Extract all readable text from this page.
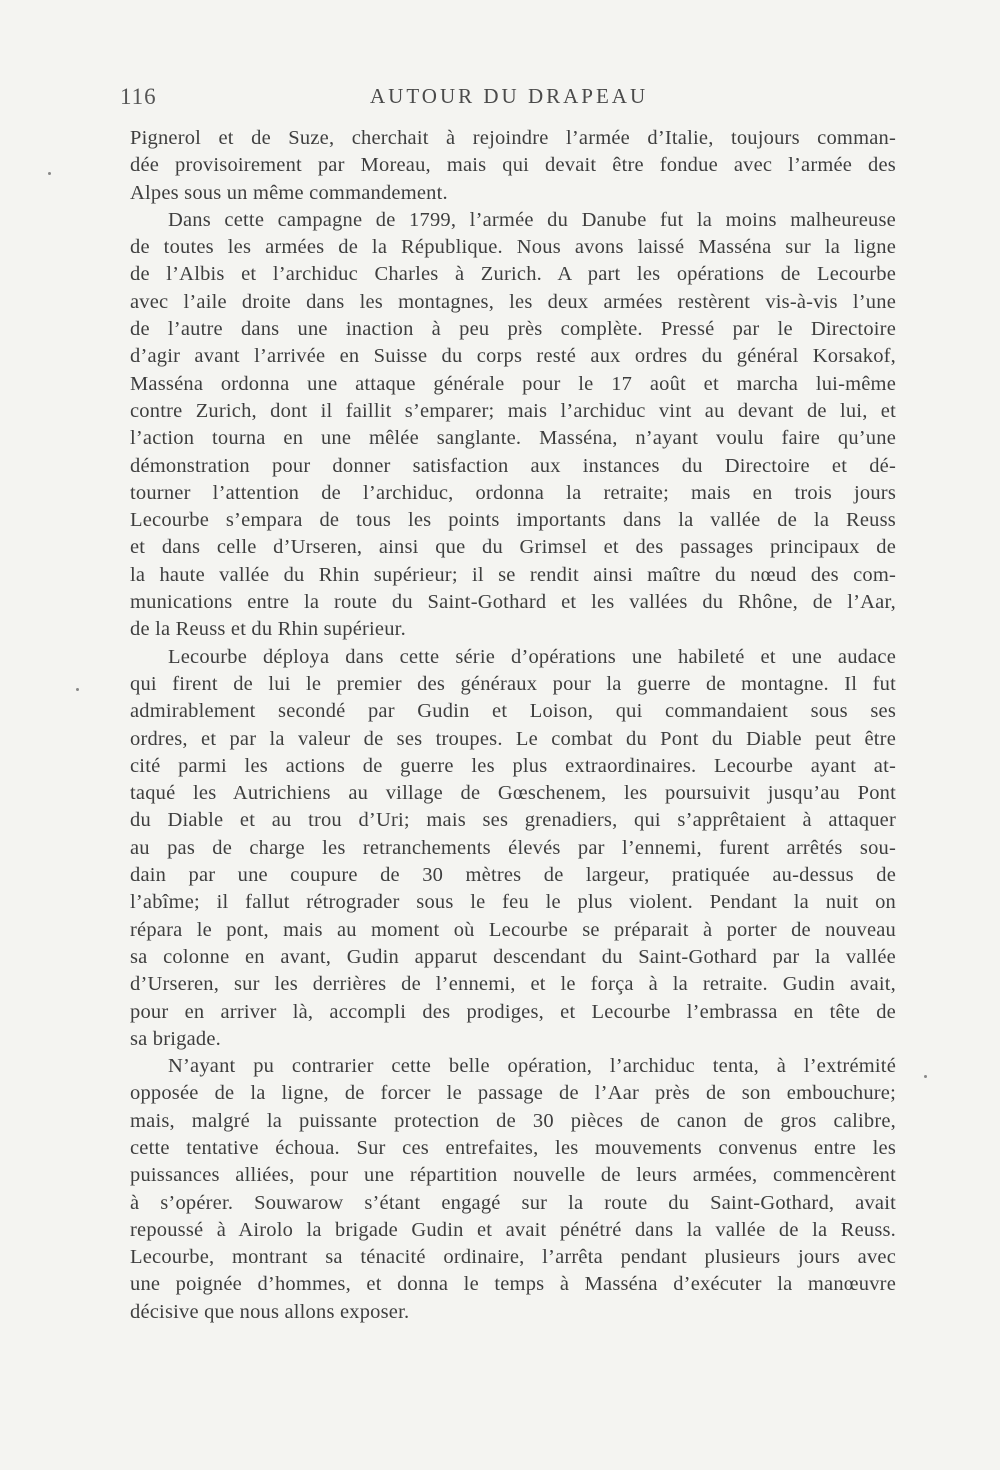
116	AUTOUR DU DRAPEAU
Pignerol et de Suze, cherchait à rejoindre l’armée d’Italie, toujours comman-
dée provisoirement par Moreau, mais qui devait être fondue avec l’armée des
Alpes sous un même commandement.
Dans cette campagne de 1799, l’armée du Danube fut la moins malheureuse
de toutes les armées de la République. Nous avons laissé Masséna sur la ligne
de l’Albis et l’archiduc Charles à Zurich. A part les opérations de Lecourbe
avec l’aile droite dans les montagnes, les deux armées restèrent vis-à-vis l’une
de l’autre dans une inaction à peu près complète. Pressé par le Directoire
d’agir avant l’arrivée en Suisse du corps resté aux ordres du général Korsakof,
Masséna ordonna une attaque générale pour le 17 août et marcha lui-même
contre Zurich, dont il faillit s’emparer; mais l’archiduc vint au devant de lui, et
l’action tourna en une mêlée sanglante. Masséna, n’ayant voulu faire qu’une
démonstration pour donner satisfaction aux instances du Directoire et dé-
tourner l’attention de l’archiduc, ordonna la retraite; mais en trois jours
Lecourbe s’empara de tous les points importants dans la vallée de la Reuss
et dans celle d’Urseren, ainsi que du Grimsel et des passages principaux de
la haute vallée du Rhin supérieur; il se rendit ainsi maître du nœud des com-
munications entre la route du Saint-Gothard et les vallées du Rhône, de l’Aar,
de la Reuss et du Rhin supérieur.
Lecourbe déploya dans cette série d’opérations une habileté et une audace
qui firent de lui le premier des généraux pour la guerre de montagne. Il fut
admirablement secondé par Gudin et Loison, qui commandaient sous ses
ordres, et par la valeur de ses troupes. Le combat du Pont du Diable peut être
cité parmi les actions de guerre les plus extraordinaires. Lecourbe ayant at-
taqué les Autrichiens au village de Gœschenem, les poursuivit jusqu’au Pont
du Diable et au trou d’Uri; mais ses grenadiers, qui s’apprêtaient à attaquer
au pas de charge les retranchements élevés par l’ennemi, furent arrêtés sou-
dain par une coupure de 30 mètres de largeur, pratiquée au-dessus de
l’abîme; il fallut rétrograder sous le feu le plus violent. Pendant la nuit on
répara le pont, mais au moment où Lecourbe se préparait à porter de nouveau
sa colonne en avant, Gudin apparut descendant du Saint-Gothard par la vallée
d’Urseren, sur les derrières de l’ennemi, et le força à la retraite. Gudin avait,
pour en arriver là, accompli des prodiges, et Lecourbe l’embrassa en tête de
sa brigade.
N’ayant pu contrarier cette belle opération, l’archiduc tenta, à l’extrémité
opposée de la ligne, de forcer le passage de l’Aar près de son embouchure;
mais, malgré la puissante protection de 30 pièces de canon de gros calibre,
cette tentative échoua. Sur ces entrefaites, les mouvements convenus entre les
puissances alliées, pour une répartition nouvelle de leurs armées, commencèrent
à s’opérer. Souwarow s’étant engagé sur la route du Saint-Gothard, avait
repoussé à Airolo la brigade Gudin et avait pénétré dans la vallée de la Reuss.
Lecourbe, montrant sa ténacité ordinaire, l’arrêta pendant plusieurs jours avec
une poignée d’hommes, et donna le temps à Masséna d’exécuter la manœuvre
décisive que nous allons exposer.
